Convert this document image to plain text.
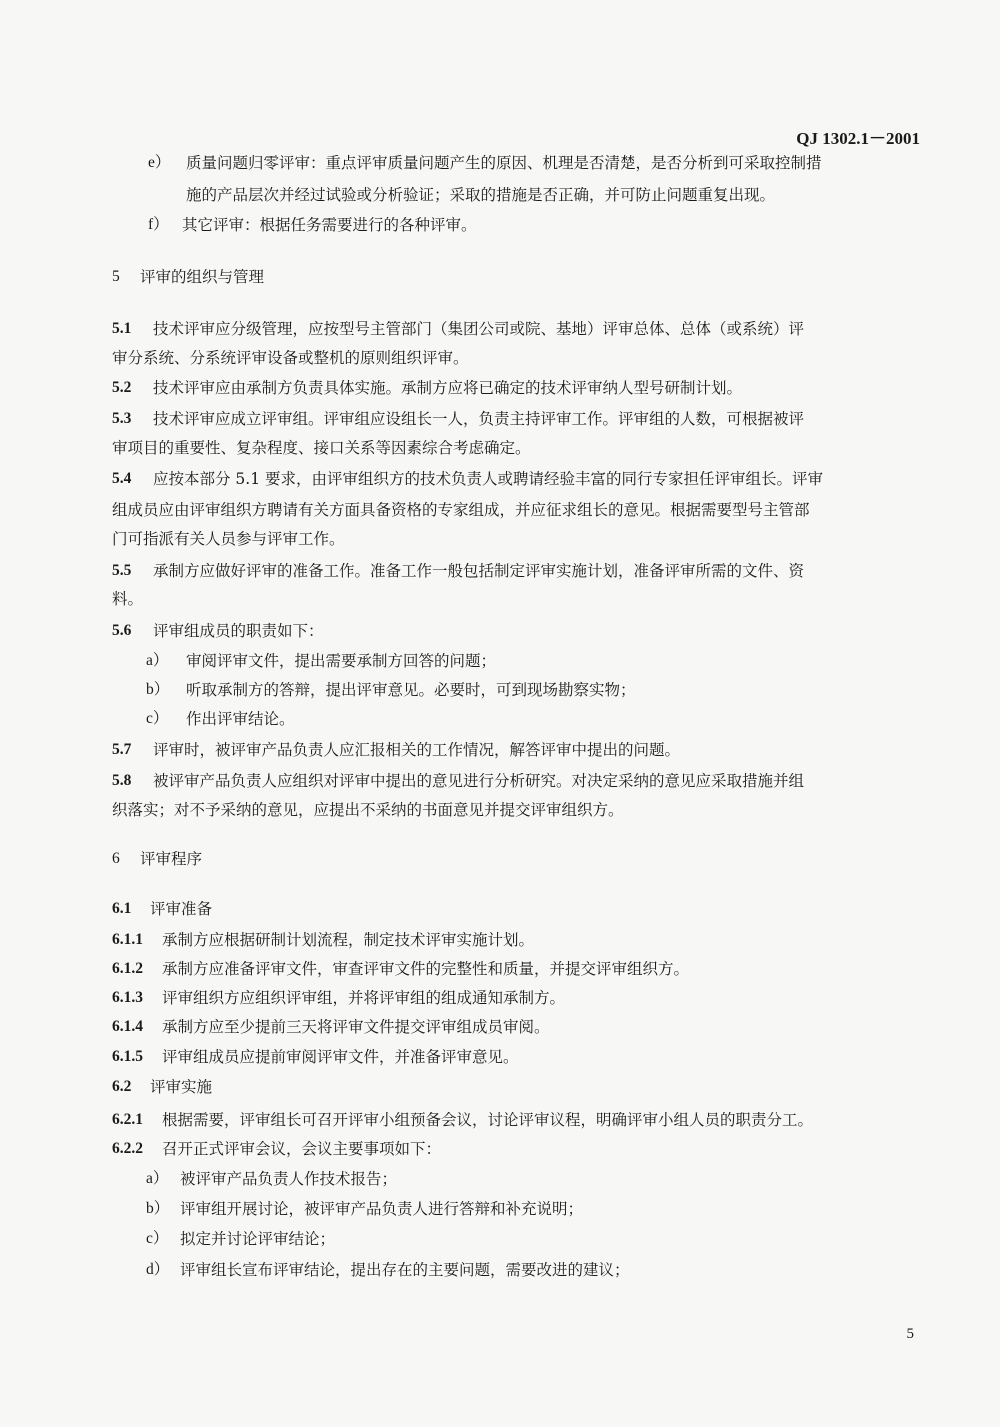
QJ 1302.1－2001
e） 质量问题归零评审：重点评审质量问题产生的原因、机理是否清楚，是否分析到可采取控制措
施的产品层次并经过试验或分析验证；采取的措施是否正确，并可防止问题重复出现。
f） 其它评审：根据任务需要进行的各种评审。
5 评审的组织与管理
5.1 技术评审应分级管理，应按型号主管部门（集团公司或院、基地）评审总体、总体（或系统）评
审分系统、分系统评审设备或整机的原则组织评审。
5.2 技术评审应由承制方负责具体实施。承制方应将已确定的技术评审纳人型号研制计划。
5.3 技术评审应成立评审组。评审组应设组长一人，负责主持评审工作。评审组的人数，可根据被评
审项目的重要性、复杂程度、接口关系等因素综合考虑确定。
5.4 应按本部分 5.1 要求，由评审组织方的技术负责人或聘请经验丰富的同行专家担任评审组长。评审
组成员应由评审组织方聘请有关方面具备资格的专家组成，并应征求组长的意见。根据需要型号主管部
门可指派有关人员参与评审工作。
5.5 承制方应做好评审的准备工作。准备工作一般包括制定评审实施计划，准备评审所需的文件、资
料。
5.6 评审组成员的职责如下：
a） 审阅评审文件，提出需要承制方回答的问题；
b） 听取承制方的答辩，提出评审意见。必要时，可到现场勘察实物；
c） 作出评审结论。
5.7 评审时，被评审产品负责人应汇报相关的工作情况，解答评审中提出的问题。
5.8 被评审产品负责人应组织对评审中提出的意见进行分析研究。对决定采纳的意见应采取措施并组
织落实；对不予采纳的意见，应提出不采纳的书面意见并提交评审组织方。
6 评审程序
6.1 评审准备
6.1.1 承制方应根据研制计划流程，制定技术评审实施计划。
6.1.2 承制方应准备评审文件，审查评审文件的完整性和质量，并提交评审组织方。
6.1.3 评审组织方应组织评审组，并将评审组的组成通知承制方。
6.1.4 承制方应至少提前三天将评审文件提交评审组成员审阅。
6.1.5 评审组成员应提前审阅评审文件，并准备评审意见。
6.2 评审实施
6.2.1 根据需要，评审组长可召开评审小组预备会议，讨论评审议程，明确评审小组人员的职责分工。
6.2.2 召开正式评审会议，会议主要事项如下：
a） 被评审产品负责人作技术报告；
b） 评审组开展讨论，被评审产品负责人进行答辩和补充说明；
c） 拟定并讨论评审结论；
d） 评审组长宣布评审结论，提出存在的主要问题，需要改进的建议；
5
